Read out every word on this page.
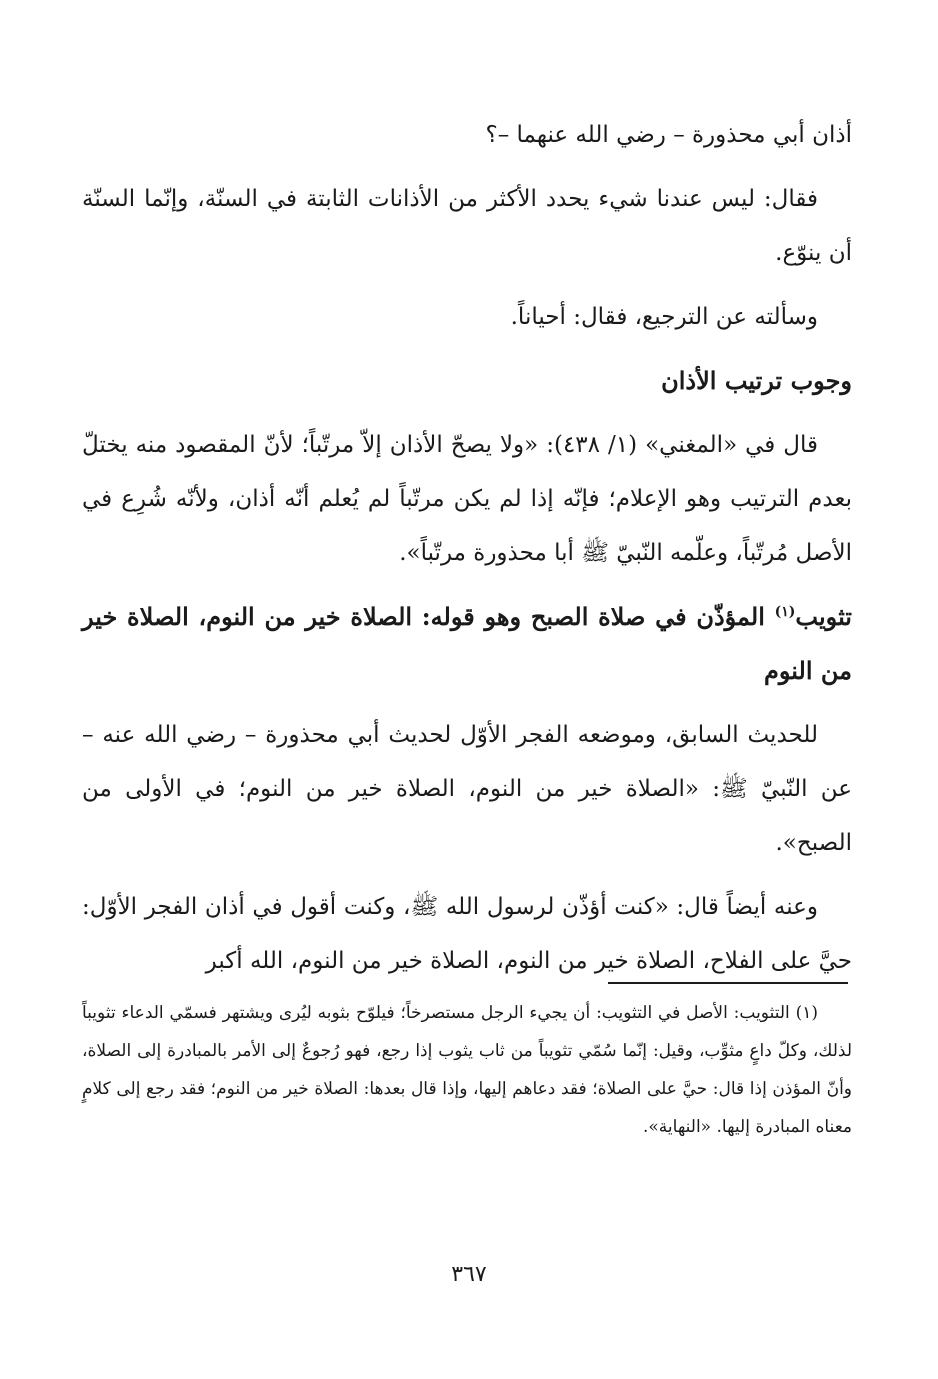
أذان أبي محذورة – رضي الله عنهما –؟

فقال: ليس عندنا شيء يحدد الأكثر من الأذانات الثابتة في السنّة، وإنّما السنّة أن ينوّع.

وسألته عن الترجيع، فقال: أحياناً.

وجوب ترتيب الأذان

قال في «المغني» (١/ ٤٣٨): «ولا يصحّ الأذان إلاّ مرتّباً؛ لأنّ المقصود منه يختلّ بعدم الترتيب وهو الإعلام؛ فإنّه إذا لم يكن مرتّباً لم يُعلم أنّه أذان، ولأنّه شُرِع في الأصل مُرتّباً، وعلّمه النّبيّ ﷺ أبا محذورة مرتّباً».

تثويب$^{(١)}$ المؤذّن في صلاة الصبح وهو قوله: الصلاة خير من النوم، الصلاة خير من النوم

للحديث السابق، وموضعه الفجر الأوّل لحديث أبي محذورة – رضي الله عنه – عن النّبيّ ﷺ: «الصلاة خير من النوم، الصلاة خير من النوم؛ في الأولى من الصبح».

وعنه أيضاً قال: «كنت أؤذّن لرسول الله ﷺ، وكنت أقول في أذان الفجر الأوّل: حيَّ على الفلاح، الصلاة خير من النوم، الصلاة خير من النوم، الله أكبر

(١) التثويب: الأصل في التثويب: أن يجيء الرجل مستصرخاً؛ فيلوّح بثوبه ليُرى ويشتهر فسمّي الدعاء تثويباً لذلك، وكلّ داعٍ مثوِّب، وقيل: إنّما سُمّي تثويباً من ثاب يثوب إذا رجع، فهو رُجوعٌ إلى الأمر بالمبادرة إلى الصلاة، وأنّ المؤذن إذا قال: حيَّ على الصلاة؛ فقد دعاهم إليها، وإذا قال بعدها: الصلاة خير من النوم؛ فقد رجع إلى كلامٍ معناه المبادرة إليها. «النهاية».

٣٦٧
